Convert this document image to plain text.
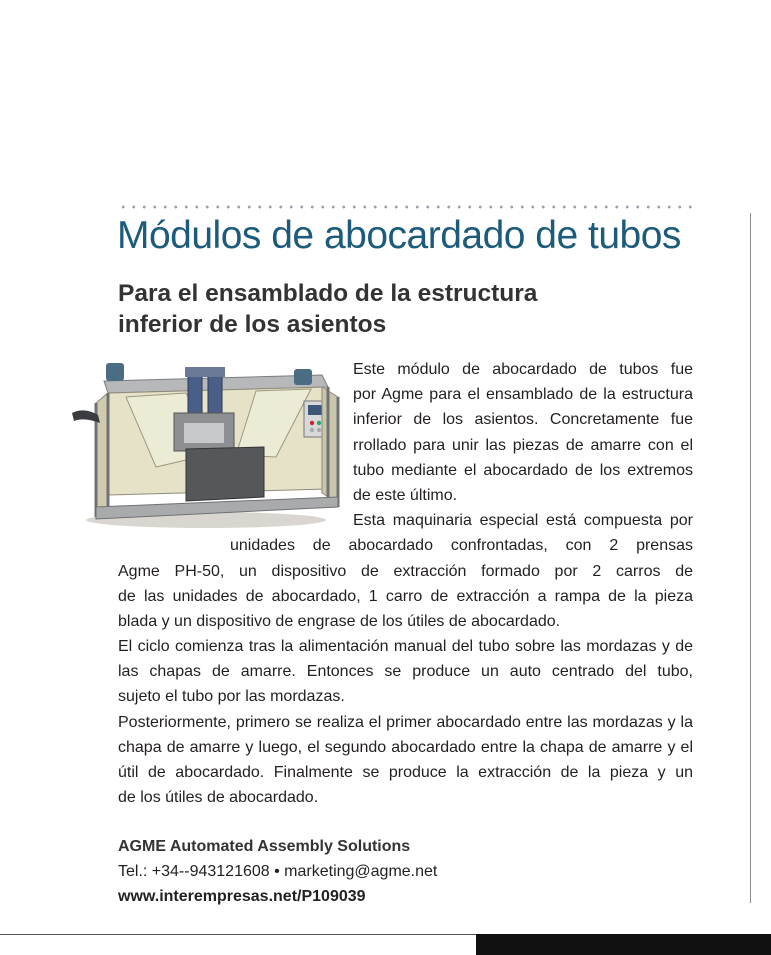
Módulos de abocardado de tubos
Para el ensamblado de la estructura
inferior de los asientos
Este módulo de abocardado de tubos fue
por Agme para el ensamblado de la estructura
inferior de los asientos. Concretamente fue
rrollado para unir las piezas de amarre con el
tubo mediante el abocardado de los extremos
de este último.
Esta maquinaria especial está compuesta por
unidades de abocardado confrontadas, con 2 prensas
Agme PH-50, un dispositivo de extracción formado por 2 carros de
de las unidades de abocardado, 1 carro de extracción a rampa de la pieza
blada y un dispositivo de engrase de los útiles de abocardado.
El ciclo comienza tras la alimentación manual del tubo sobre las mordazas y de
las chapas de amarre. Entonces se produce un auto centrado del tubo,
sujeto el tubo por las mordazas.
Posteriormente, primero se realiza el primer abocardado entre las mordazas y la
chapa de amarre y luego, el segundo abocardado entre la chapa de amarre y el
útil de abocardado. Finalmente se produce la extracción de la pieza y un
de los útiles de abocardado.
AGME Automated Assembly Solutions
Tel.: +34--943121608 • marketing@agme.net
www.interempresas.net/P109039
